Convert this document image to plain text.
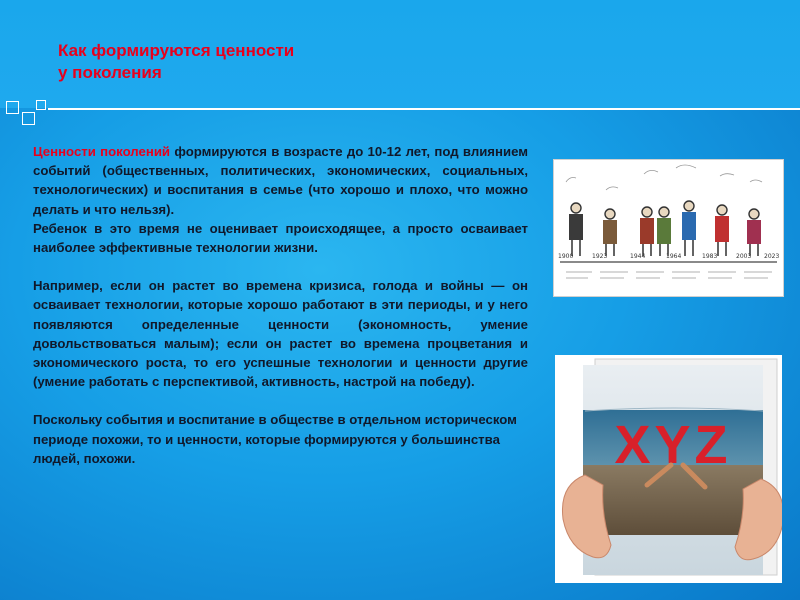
Как формируются ценности
у поколения

Ценности поколений формируются в возрасте до 10-12 лет, под влиянием событий (общественных, политических, экономических, социальных, технологических) и воспитания в семье (что хорошо и плохо, что можно делать и что нельзя).
Ребенок в это время не оценивает происходящее, а просто осваивает наиболее эффективные технологии жизни.

Например, если он растет во времена кризиса, голода и войны — он осваивает технологии, которые хорошо работают в эти периоды, и у него появляются определенные ценности (экономность, умение довольствоваться малым); если он растет во времена процветания и экономического роста, то его успешные технологии и ценности другие (умение работать с перспективой, активность, настрой на победу).

Поскольку события и воспитание в обществе в отдельном историческом периоде похожи, то и ценности, которые формируются у большинства людей, похожи.

1900	1923	1944	1964	1983	2003 2023
XYZ
